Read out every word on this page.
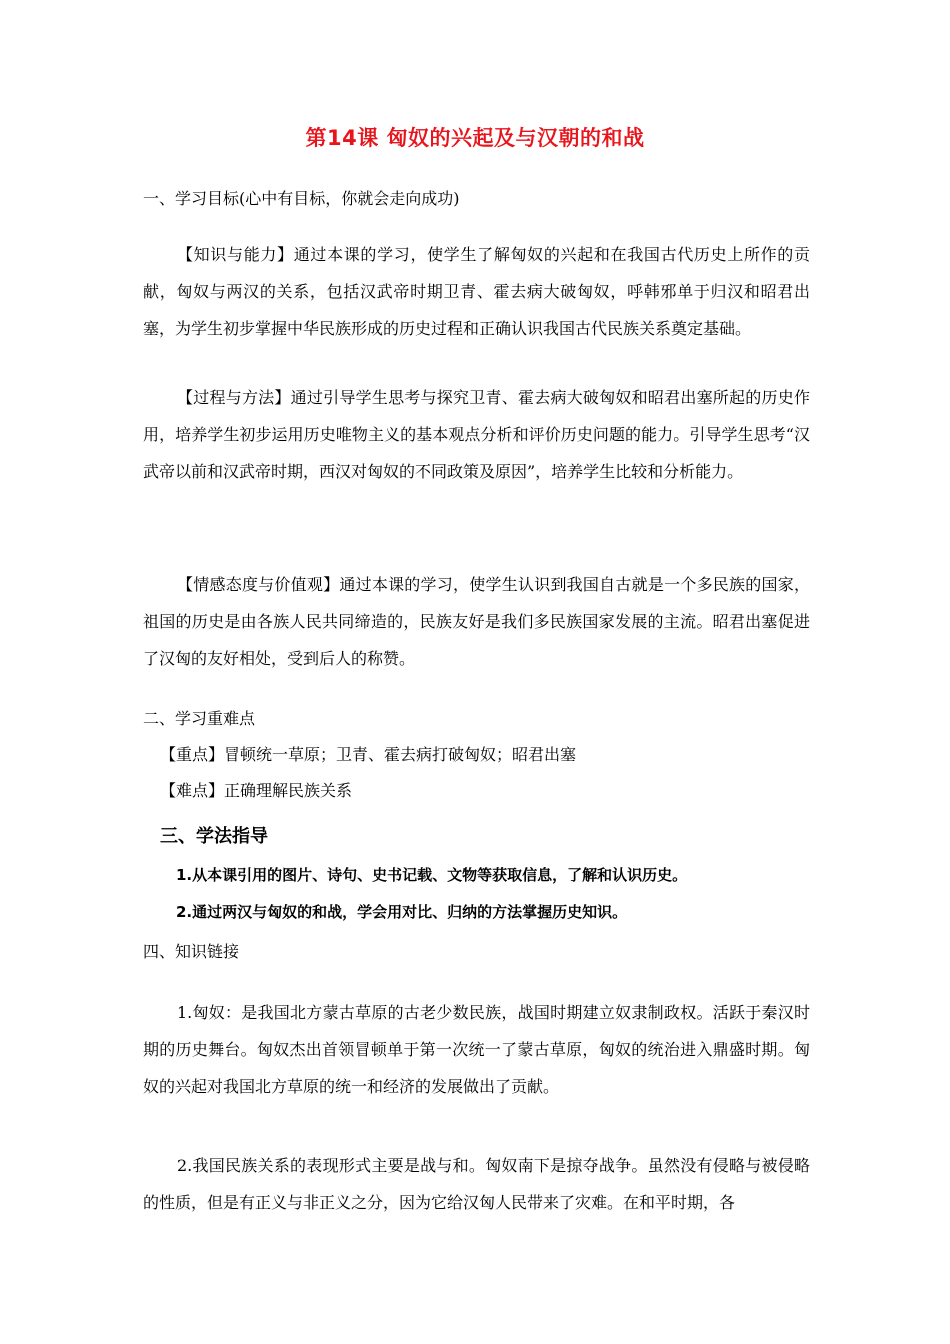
第14课 匈奴的兴起及与汉朝的和战
一、学习目标(心中有目标，你就会走向成功)
【知识与能力】通过本课的学习，使学生了解匈奴的兴起和在我国古代历史上所作的贡献，匈奴与两汉的关系，包括汉武帝时期卫青、霍去病大破匈奴，呼韩邪单于归汉和昭君出塞，为学生初步掌握中华民族形成的历史过程和正确认识我国古代民族关系奠定基础。
【过程与方法】通过引导学生思考与探究卫青、霍去病大破匈奴和昭君出塞所起的历史作用，培养学生初步运用历史唯物主义的基本观点分析和评价历史问题的能力。引导学生思考“汉武帝以前和汉武帝时期，西汉对匈奴的不同政策及原因”，培养学生比较和分析能力。
【情感态度与价值观】通过本课的学习，使学生认识到我国自古就是一个多民族的国家，祖国的历史是由各族人民共同缔造的，民族友好是我们多民族国家发展的主流。昭君出塞促进了汉匈的友好相处，受到后人的称赞。
二、学习重难点
【重点】冒顿统一草原；卫青、霍去病打破匈奴；昭君出塞
【难点】正确理解民族关系
三、学法指导
1.从本课引用的图片、诗句、史书记载、文物等获取信息，了解和认识历史。
2.通过两汉与匈奴的和战，学会用对比、归纳的方法掌握历史知识。
四、知识链接
1.匈奴：是我国北方蒙古草原的古老少数民族，战国时期建立奴隶制政权。活跃于秦汉时期的历史舞台。匈奴杰出首领冒顿单于第一次统一了蒙古草原，匈奴的统治进入鼎盛时期。匈奴的兴起对我国北方草原的统一和经济的发展做出了贡献。
2.我国民族关系的表现形式主要是战与和。匈奴南下是掠夺战争。虽然没有侵略与被侵略的性质，但是有正义与非正义之分，因为它给汉匈人民带来了灾难。在和平时期，各
